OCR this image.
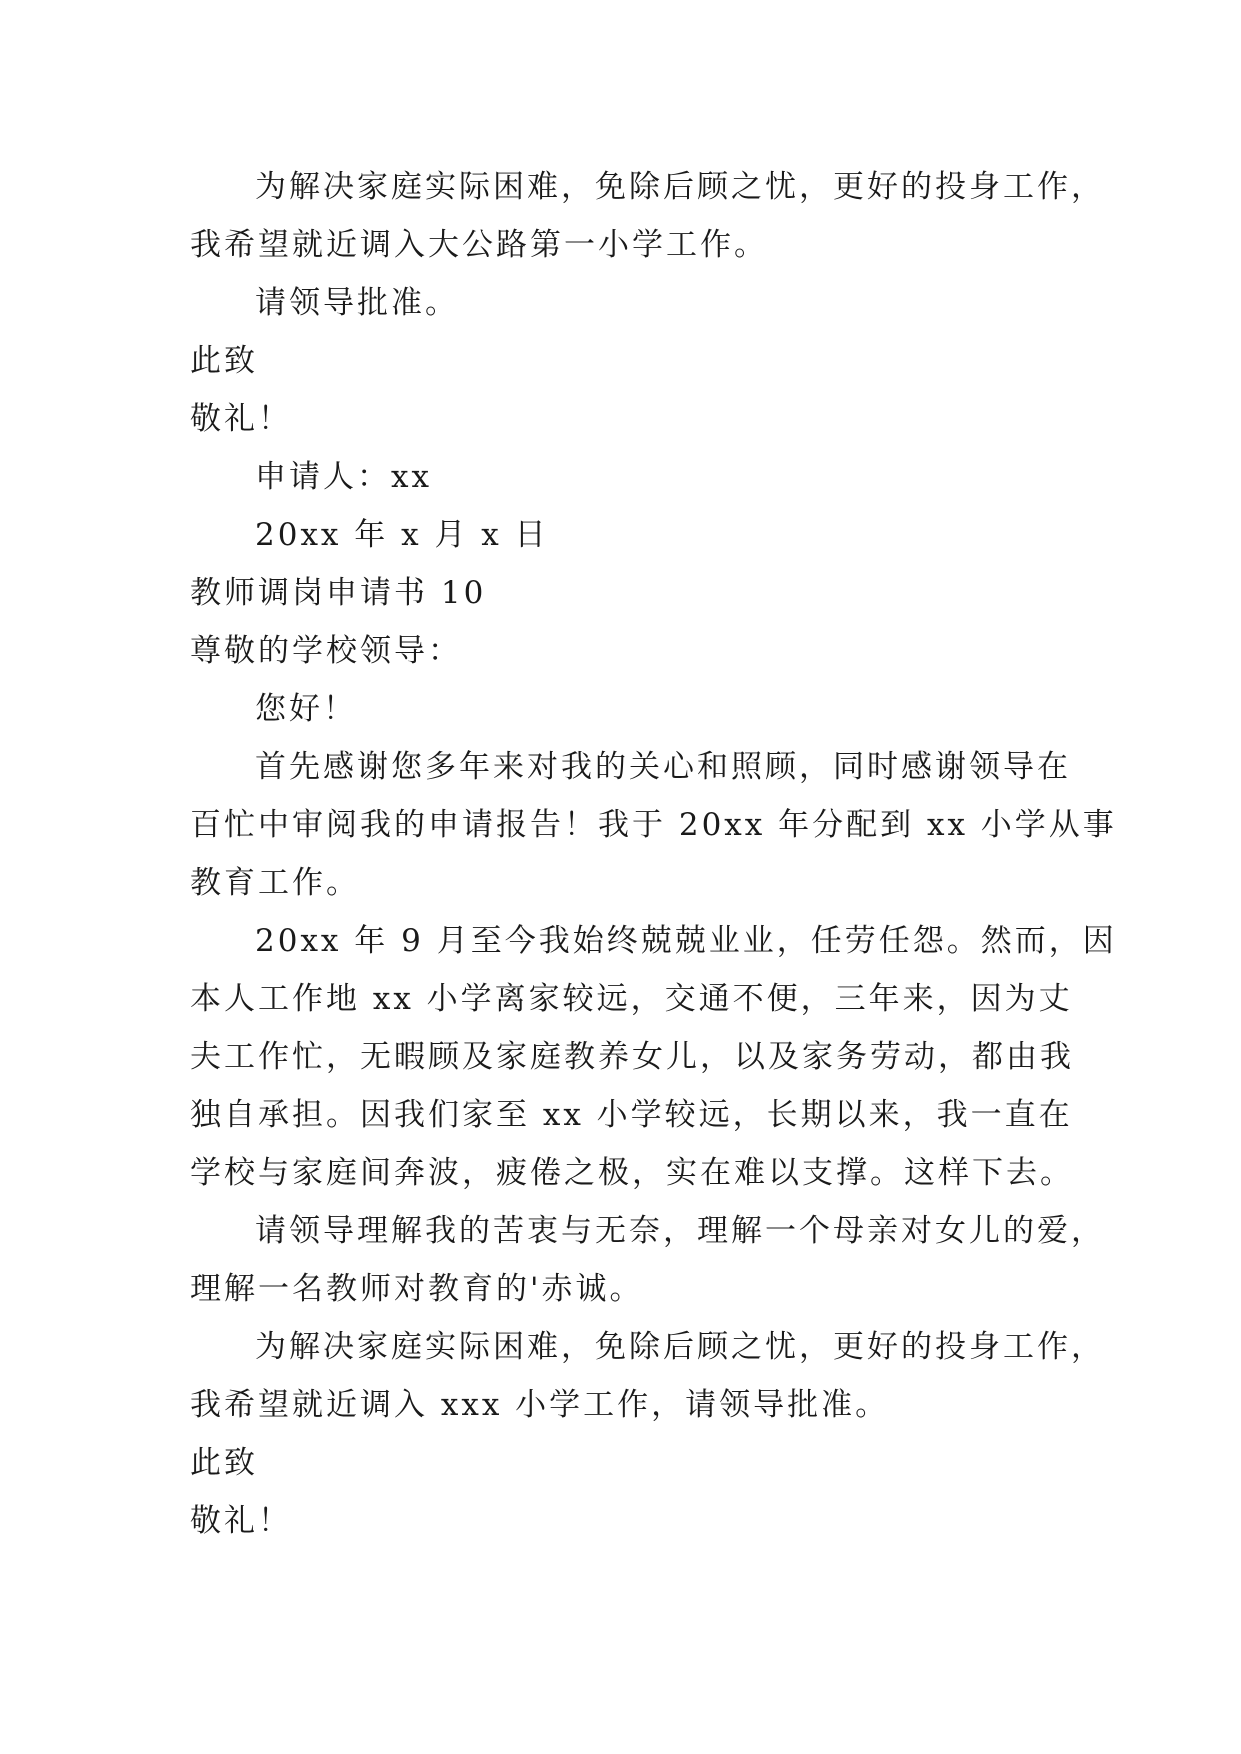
为解决家庭实际困难，免除后顾之忧，更好的投身工作，
我希望就近调入大公路第一小学工作。
请领导批准。
此致
敬礼！
申请人：xx
20xx 年 x 月 x 日
教师调岗申请书 10
尊敬的学校领导：
您好！
首先感谢您多年来对我的关心和照顾，同时感谢领导在
百忙中审阅我的申请报告！我于 20xx 年分配到 xx 小学从事
教育工作。
20xx 年 9 月至今我始终兢兢业业，任劳任怨。然而，因
本人工作地 xx 小学离家较远，交通不便，三年来，因为丈
夫工作忙，无暇顾及家庭教养女儿，以及家务劳动，都由我
独自承担。因我们家至 xx 小学较远，长期以来，我一直在
学校与家庭间奔波，疲倦之极，实在难以支撑。这样下去。
请领导理解我的苦衷与无奈，理解一个母亲对女儿的爱，
理解一名教师对教育的'赤诚。
为解决家庭实际困难，免除后顾之忧，更好的投身工作，
我希望就近调入 xxx 小学工作，请领导批准。
此致
敬礼！
